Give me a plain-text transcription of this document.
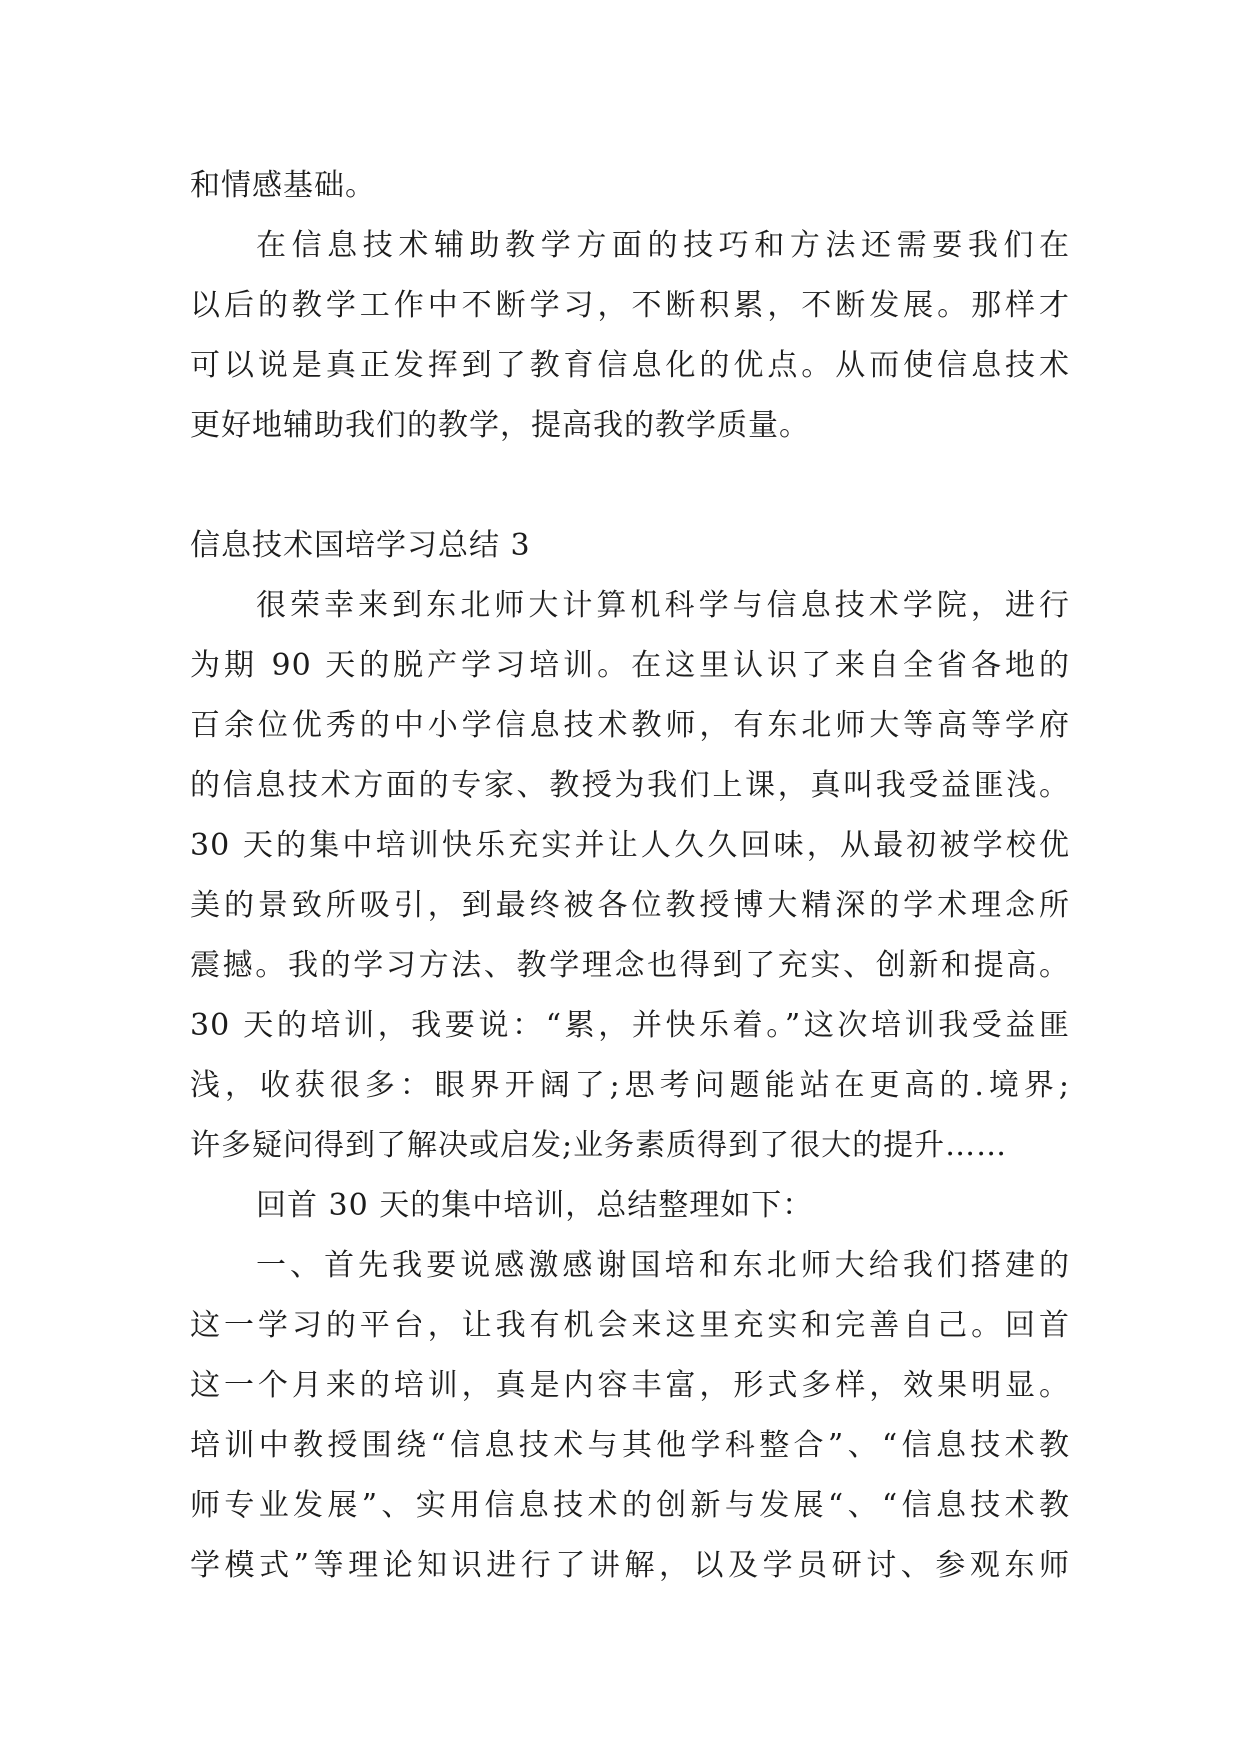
和情感基础。
在信息技术辅助教学方面的技巧和方法还需要我们在
以后的教学工作中不断学习，不断积累，不断发展。那样才
可以说是真正发挥到了教育信息化的优点。从而使信息技术
更好地辅助我们的教学，提高我的教学质量。
信息技术国培学习总结 3
很荣幸来到东北师大计算机科学与信息技术学院，进行
为期 90 天的脱产学习培训。在这里认识了来自全省各地的
百余位优秀的中小学信息技术教师，有东北师大等高等学府
的信息技术方面的专家、教授为我们上课，真叫我受益匪浅。
30 天的集中培训快乐充实并让人久久回味，从最初被学校优
美的景致所吸引，到最终被各位教授博大精深的学术理念所
震撼。我的学习方法、教学理念也得到了充实、创新和提高。
30 天的培训，我要说：“累，并快乐着。”这次培训我受益匪
浅，收获很多：眼界开阔了;思考问题能站在更高的.境界;
许多疑问得到了解决或启发;业务素质得到了很大的提升……
回首 30 天的集中培训，总结整理如下：
一、首先我要说感激感谢国培和东北师大给我们搭建的
这一学习的平台，让我有机会来这里充实和完善自己。回首
这一个月来的培训，真是内容丰富，形式多样，效果明显。
培训中教授围绕“信息技术与其他学科整合”、“信息技术教
师专业发展”、实用信息技术的创新与发展“、“信息技术教
学模式”等理论知识进行了讲解，以及学员研讨、参观东师
